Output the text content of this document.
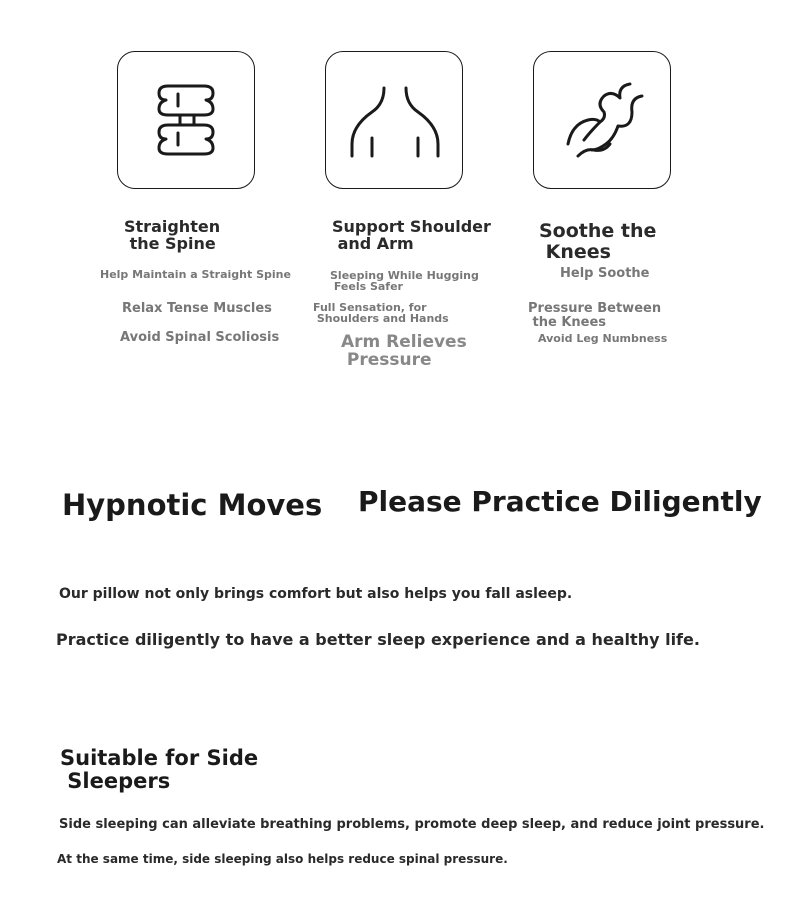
Straighten
the Spine
Help Maintain a Straight Spine
Relax Tense Muscles
Avoid Spinal Scoliosis
Support Shoulder
and Arm
Sleeping While Hugging
Feels Safer
Full Sensation, for
Shoulders and Hands
Arm Relieves
Pressure
Soothe the
Knees
Help Soothe
Pressure Between
the Knees
Avoid Leg Numbness
Hypnotic Moves Please Practice Diligently
Our pillow not only brings comfort but also helps you fall asleep.
Practice diligently to have a better sleep experience and a healthy life.
Suitable for Side
Sleepers
Side sleeping can alleviate breathing problems, promote deep sleep, and reduce joint pressure.
At the same time, side sleeping also helps reduce spinal pressure.
